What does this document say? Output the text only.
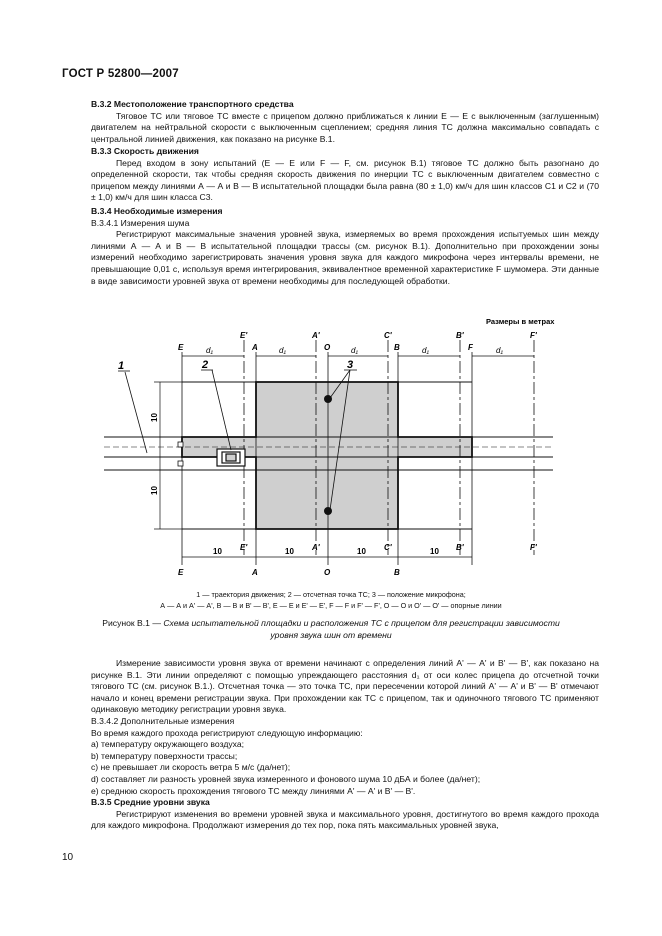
ГОСТ Р 52800—2007

В.3.2 Местоположение транспортного средства

Тяговое ТС или тяговое ТС вместе с прицепом должно приближаться к линии Е — Е с выключенным (заглушенным) двигателем на нейтральной скорости с выключенным сцеплением; средняя линия ТС должна максимально совпадать с центральной линией движения, как показано на рисунке В.1.

В.3.3 Скорость движения

Перед входом в зону испытаний (Е — Е или F — F, см. рисунок В.1) тяговое ТС должно быть разогнано до определенной скорости, так чтобы средняя скорость движения по инерции ТС с выключенным двигателем совместно с прицепом между линиями А — А и В — В испытательной площадки была равна (80 ± 1,0) км/ч для шин классов С1 и С2 и (70 ± 1,0) км/ч для шин класса С3.

В.3.4 Необходимые измерения

В.3.4.1 Измерения шума

Регистрируют максимальные значения уровней звука, измеряемых во время прохождения испытуемых шин между линиями А — А и В — В испытательной площадки трассы (см. рисунок В.1). Дополнительно при прохождении зоны измерений необходимо зарегистрировать значения уровня звука для каждого микрофона через интервалы времени, не превышающие 0,01 с, используя время интегрирования, эквивалентное временной характеристике F шумомера. Эти данные в виде зависимости уровней звука от времени необходимы для последующей обработки.

E
E'
A
A'
O
C'
B
B'
F
F'
Размеры в метрах
d₁	d₁	d₁	d₁	d₁
10	10	10	10
E
E'
A
A'
O
C'
B
B'	F'
10
10
1	2	3
1 — траектория движения; 2 — отсчетная точка ТС; 3 — положение микрофона;
А — А и А' — А', В — В и В' — В', Е — Е и Е' — Е', F — F и F' — F', О — О и О' — О' — опорные линии
Рисунок В.1 — Схема испытательной площадки и расположения ТС с прицепом для регистрации зависимости
уровня звука шин от времени

Измерение зависимости уровня звука от времени начинают с определения линий А' — А' и В' — В', как показано на рисунке В.1. Эти линии определяют с помощью упреждающего расстояния d₁ от оси колес прицепа до отсчетной точки тягового ТС (см. рисунок В.1.). Отсчетная точка — это точка ТС, при пересечении которой линий А' — А' и В' — В' отмечают начало и конец времени регистрации звука. При прохождении как ТС с прицепом, так и одиночного тягового ТС применяют одинаковую методику регистрации уровня звука.

В.3.4.2 Дополнительные измерения

Во время каждого прохода регистрируют следующую информацию:

a) температуру окружающего воздуха;

b) температуру поверхности трассы;

c) не превышает ли скорость ветра 5 м/с (да/нет);

d) составляет ли разность уровней звука измеренного и фонового шума 10 дБА и более (да/нет);

e) среднюю скорость прохождения тягового ТС между линиями А' — А' и В' — В'.

В.3.5 Средние уровни звука

Регистрируют изменения во времени уровней звука и максимального уровня, достигнутого во время каждого прохода для каждого микрофона. Продолжают измерения до тех пор, пока пять максимальных уровней звука,

10
